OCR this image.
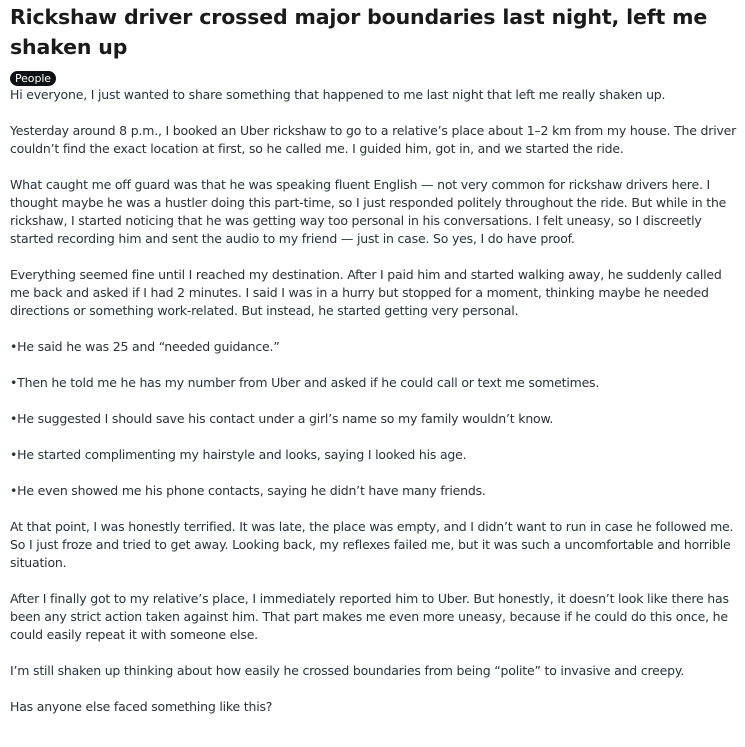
Rickshaw driver crossed major boundaries last night, left me shaken up
People

Hi everyone, I just wanted to share something that happened to me last night that left me really shaken up.

Yesterday around 8 p.m., I booked an Uber rickshaw to go to a relative’s place about 1–2 km from my house. The driver couldn’t find the exact location at first, so he called me. I guided him, got in, and we started the ride.

What caught me off guard was that he was speaking fluent English — not very common for rickshaw drivers here. I thought maybe he was a hustler doing this part-time, so I just responded politely throughout the ride. But while in the rickshaw, I started noticing that he was getting way too personal in his conversations. I felt uneasy, so I discreetly started recording him and sent the audio to my friend — just in case. So yes, I do have proof.

Everything seemed fine until I reached my destination. After I paid him and started walking away, he suddenly called me back and asked if I had 2 minutes. I said I was in a hurry but stopped for a moment, thinking maybe he needed directions or something work-related. But instead, he started getting very personal.

•He said he was 25 and “needed guidance.”

•Then he told me he has my number from Uber and asked if he could call or text me sometimes.

•He suggested I should save his contact under a girl’s name so my family wouldn’t know.

•He started complimenting my hairstyle and looks, saying I looked his age.

•He even showed me his phone contacts, saying he didn’t have many friends.

At that point, I was honestly terrified. It was late, the place was empty, and I didn’t want to run in case he followed me. So I just froze and tried to get away. Looking back, my reflexes failed me, but it was such a uncomfortable and horrible situation.

After I finally got to my relative’s place, I immediately reported him to Uber. But honestly, it doesn’t look like there has been any strict action taken against him. That part makes me even more uneasy, because if he could do this once, he could easily repeat it with someone else.

I’m still shaken up thinking about how easily he crossed boundaries from being “polite” to invasive and creepy.

Has anyone else faced something like this?
